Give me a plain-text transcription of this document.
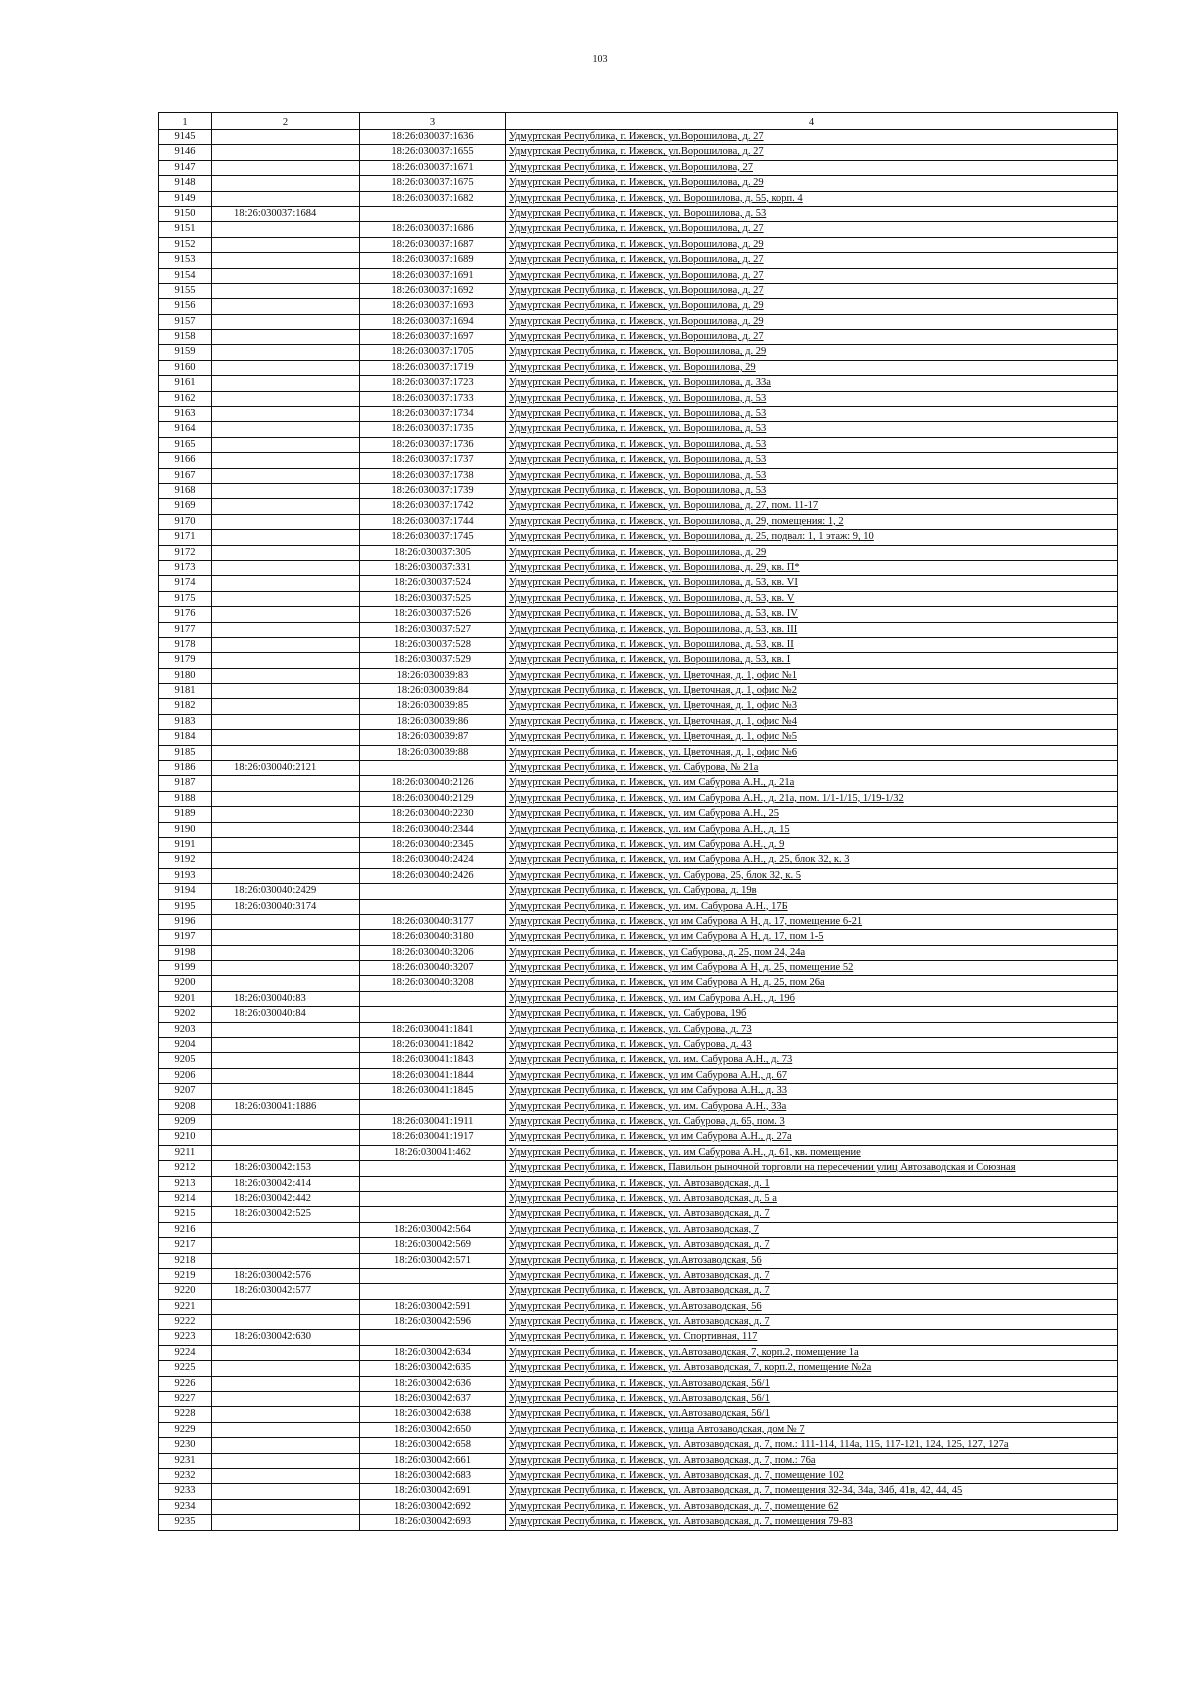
103
1	2	3	4
9145		18:26:030037:1636	Удмуртская Республика, г. Ижевск, ул.Ворошилова, д. 27
9146		18:26:030037:1655	Удмуртская Республика, г. Ижевск, ул.Ворошилова, д. 27
9147		18:26:030037:1671	Удмуртская Республика, г. Ижевск, ул.Ворошилова, 27
9148		18:26:030037:1675	Удмуртская Республика, г. Ижевск, ул.Ворошилова, д. 29
9149		18:26:030037:1682	Удмуртская Республика, г. Ижевск, ул. Ворошилова, д. 55, корп. 4
9150	18:26:030037:1684		Удмуртская Республика, г. Ижевск, ул. Ворошилова, д. 53
9151		18:26:030037:1686	Удмуртская Республика, г. Ижевск, ул.Ворошилова, д. 27
9152		18:26:030037:1687	Удмуртская Республика, г. Ижевск, ул.Ворошилова, д. 29
9153		18:26:030037:1689	Удмуртская Республика, г. Ижевск, ул.Ворошилова, д. 27
9154		18:26:030037:1691	Удмуртская Республика, г. Ижевск, ул.Ворошилова, д. 27
9155		18:26:030037:1692	Удмуртская Республика, г. Ижевск, ул.Ворошилова, д. 27
9156		18:26:030037:1693	Удмуртская Республика, г. Ижевск, ул.Ворошилова, д. 29
9157		18:26:030037:1694	Удмуртская Республика, г. Ижевск, ул.Ворошилова, д. 29
9158		18:26:030037:1697	Удмуртская Республика, г. Ижевск, ул.Ворошилова, д. 27
9159		18:26:030037:1705	Удмуртская Республика, г. Ижевск, ул. Ворошилова, д. 29
9160		18:26:030037:1719	Удмуртская Республика, г. Ижевск, ул. Ворошилова, 29
9161		18:26:030037:1723	Удмуртская Республика, г. Ижевск, ул. Ворошилова, д. 33а
9162		18:26:030037:1733	Удмуртская Республика, г. Ижевск, ул. Ворошилова, д. 53
9163		18:26:030037:1734	Удмуртская Республика, г. Ижевск, ул. Ворошилова, д. 53
9164		18:26:030037:1735	Удмуртская Республика, г. Ижевск, ул. Ворошилова, д. 53
9165		18:26:030037:1736	Удмуртская Республика, г. Ижевск, ул. Ворошилова, д. 53
9166		18:26:030037:1737	Удмуртская Республика, г. Ижевск, ул. Ворошилова, д. 53
9167		18:26:030037:1738	Удмуртская Республика, г. Ижевск, ул. Ворошилова, д. 53
9168		18:26:030037:1739	Удмуртская Республика, г. Ижевск, ул. Ворошилова, д. 53
9169		18:26:030037:1742	Удмуртская Республика, г. Ижевск, ул. Ворошилова, д. 27, пом. 11-17
9170		18:26:030037:1744	Удмуртская Республика, г. Ижевск, ул. Ворошилова, д. 29, помещения: 1, 2
9171		18:26:030037:1745	Удмуртская Республика, г. Ижевск, ул. Ворошилова, д. 25, подвал: 1, 1 этаж: 9, 10
9172		18:26:030037:305	Удмуртская Республика, г. Ижевск, ул. Ворошилова, д. 29
9173		18:26:030037:331	Удмуртская Республика, г. Ижевск, ул. Ворошилова, д. 29, кв. П*
9174		18:26:030037:524	Удмуртская Республика, г. Ижевск, ул. Ворошилова, д. 53, кв. VI
9175		18:26:030037:525	Удмуртская Республика, г. Ижевск, ул. Ворошилова, д. 53, кв. V
9176		18:26:030037:526	Удмуртская Республика, г. Ижевск, ул. Ворошилова, д. 53, кв. IV
9177		18:26:030037:527	Удмуртская Республика, г. Ижевск, ул. Ворошилова, д. 53, кв. III
9178		18:26:030037:528	Удмуртская Республика, г. Ижевск, ул. Ворошилова, д. 53, кв. II
9179		18:26:030037:529	Удмуртская Республика, г. Ижевск, ул. Ворошилова, д. 53, кв. I
9180		18:26:030039:83	Удмуртская Республика, г. Ижевск, ул. Цветочная, д. 1, офис №1
9181		18:26:030039:84	Удмуртская Республика, г. Ижевск, ул. Цветочная, д. 1, офис №2
9182		18:26:030039:85	Удмуртская Республика, г. Ижевск, ул. Цветочная, д. 1, офис №3
9183		18:26:030039:86	Удмуртская Республика, г. Ижевск, ул. Цветочная, д. 1, офис №4
9184		18:26:030039:87	Удмуртская Республика, г. Ижевск, ул. Цветочная, д. 1, офис №5
9185		18:26:030039:88	Удмуртская Республика, г. Ижевск, ул. Цветочная, д. 1, офис №6
9186	18:26:030040:2121		Удмуртская Республика, г. Ижевск, ул. Сабурова, № 21а
9187		18:26:030040:2126	Удмуртская Республика, г. Ижевск, ул. им Сабурова А.Н., д. 21а
9188		18:26:030040:2129	Удмуртская Республика, г. Ижевск, ул. им Сабурова А.Н., д. 21а, пом. 1/1-1/15, 1/19-1/32
9189		18:26:030040:2230	Удмуртская Республика, г. Ижевск, ул. им Сабурова А.Н., 25
9190		18:26:030040:2344	Удмуртская Республика, г. Ижевск, ул. им Сабурова А.Н., д. 15
9191		18:26:030040:2345	Удмуртская Республика, г. Ижевск, ул. им Сабурова А.Н., д. 9
9192		18:26:030040:2424	Удмуртская Республика, г. Ижевск, ул. им Сабурова А.Н., д. 25, блок 32, к. 3
9193		18:26:030040:2426	Удмуртская Республика, г. Ижевск, ул. Сабурова, 25, блок 32, к. 5
9194	18:26:030040:2429		Удмуртская Республика, г. Ижевск, ул. Сабурова, д. 19в
9195	18:26:030040:3174		Удмуртская Республика, г. Ижевск, ул. им. Сабурова А.Н., 17Б
9196		18:26:030040:3177	Удмуртская Республика, г. Ижевск, ул им Сабурова А Н, д. 17, помещение 6-21
9197		18:26:030040:3180	Удмуртская Республика, г. Ижевск, ул им Сабурова А Н, д. 17, пом 1-5
9198		18:26:030040:3206	Удмуртская Республика, г. Ижевск, ул Сабурова, д. 25, пом 24, 24а
9199		18:26:030040:3207	Удмуртская Республика, г. Ижевск, ул им Сабурова А Н, д. 25, помещение 52
9200		18:26:030040:3208	Удмуртская Республика, г. Ижевск, ул им Сабурова А Н, д. 25, пом 26а
9201	18:26:030040:83		Удмуртская Республика, г. Ижевск, ул. им Сабурова А.Н., д. 19б
9202	18:26:030040:84		Удмуртская Республика, г. Ижевск, ул. Сабурова, 19б
9203		18:26:030041:1841	Удмуртская Республика, г. Ижевск, ул. Сабурова, д. 73
9204		18:26:030041:1842	Удмуртская Республика, г. Ижевск, ул. Сабурова, д. 43
9205		18:26:030041:1843	Удмуртская Республика, г. Ижевск, ул. им. Сабурова А.Н., д. 73
9206		18:26:030041:1844	Удмуртская Республика, г. Ижевск, ул им Сабурова А.Н., д. 67
9207		18:26:030041:1845	Удмуртская Республика, г. Ижевск, ул им Сабурова А.Н., д. 33
9208	18:26:030041:1886		Удмуртская Республика, г. Ижевск, ул. им. Сабурова А.Н., 33а
9209		18:26:030041:1911	Удмуртская Республика, г. Ижевск, ул. Сабурова, д. 65, пом. 3
9210		18:26:030041:1917	Удмуртская Республика, г. Ижевск, ул им Сабурова А.Н., д. 27а
9211		18:26:030041:462	Удмуртская Республика, г. Ижевск, ул. им Сабурова А.Н., д. 61, кв. помещение
9212	18:26:030042:153		Удмуртская Республика, г. Ижевск, Павильон рыночной торговли на пересечении улиц Автозаводская и Союзная
9213	18:26:030042:414		Удмуртская Республика, г. Ижевск, ул. Автозаводская, д. 1
9214	18:26:030042:442		Удмуртская Республика, г. Ижевск, ул. Автозаводская, д. 5 а
9215	18:26:030042:525		Удмуртская Республика, г. Ижевск, ул. Автозаводская, д. 7
9216		18:26:030042:564	Удмуртская Республика, г. Ижевск, ул. Автозаводская, 7
9217		18:26:030042:569	Удмуртская Республика, г. Ижевск, ул. Автозаводская, д. 7
9218		18:26:030042:571	Удмуртская Республика, г. Ижевск, ул.Автозаводская, 56
9219	18:26:030042:576		Удмуртская Республика, г. Ижевск, ул. Автозаводская, д. 7
9220	18:26:030042:577		Удмуртская Республика, г. Ижевск, ул. Автозаводская, д. 7
9221		18:26:030042:591	Удмуртская Республика, г. Ижевск, ул.Автозаводская, 56
9222		18:26:030042:596	Удмуртская Республика, г. Ижевск, ул. Автозаводская, д. 7
9223	18:26:030042:630		Удмуртская Республика, г. Ижевск, ул. Спортивная, 117
9224		18:26:030042:634	Удмуртская Республика, г. Ижевск, ул.Автозаводская, 7, корп.2, помещение 1а
9225		18:26:030042:635	Удмуртская Республика, г. Ижевск, ул. Автозаводская, 7, корп.2, помещение №2а
9226		18:26:030042:636	Удмуртская Республика, г. Ижевск, ул.Автозаводская, 56/1
9227		18:26:030042:637	Удмуртская Республика, г. Ижевск, ул.Автозаводская, 56/1
9228		18:26:030042:638	Удмуртская Республика, г. Ижевск, ул.Автозаводская, 56/1
9229		18:26:030042:650	Удмуртская Республика, г. Ижевск, улица Автозаводская, дом № 7
9230		18:26:030042:658	Удмуртская Республика, г. Ижевск, ул. Автозаводская, д. 7, пом.: 111-114, 114а, 115, 117-121, 124, 125, 127, 127а
9231		18:26:030042:661	Удмуртская Республика, г. Ижевск, ул. Автозаводская, д. 7, пом.: 76а
9232		18:26:030042:683	Удмуртская Республика, г. Ижевск, ул. Автозаводская, д. 7, помещение 102
9233		18:26:030042:691	Удмуртская Республика, г. Ижевск, ул. Автозаводская, д. 7, помещения 32-34, 34а, 34б, 41в, 42, 44, 45
9234		18:26:030042:692	Удмуртская Республика, г. Ижевск, ул. Автозаводская, д. 7, помещение 62
9235		18:26:030042:693	Удмуртская Республика, г. Ижевск, ул. Автозаводская, д. 7, помещения 79-83
